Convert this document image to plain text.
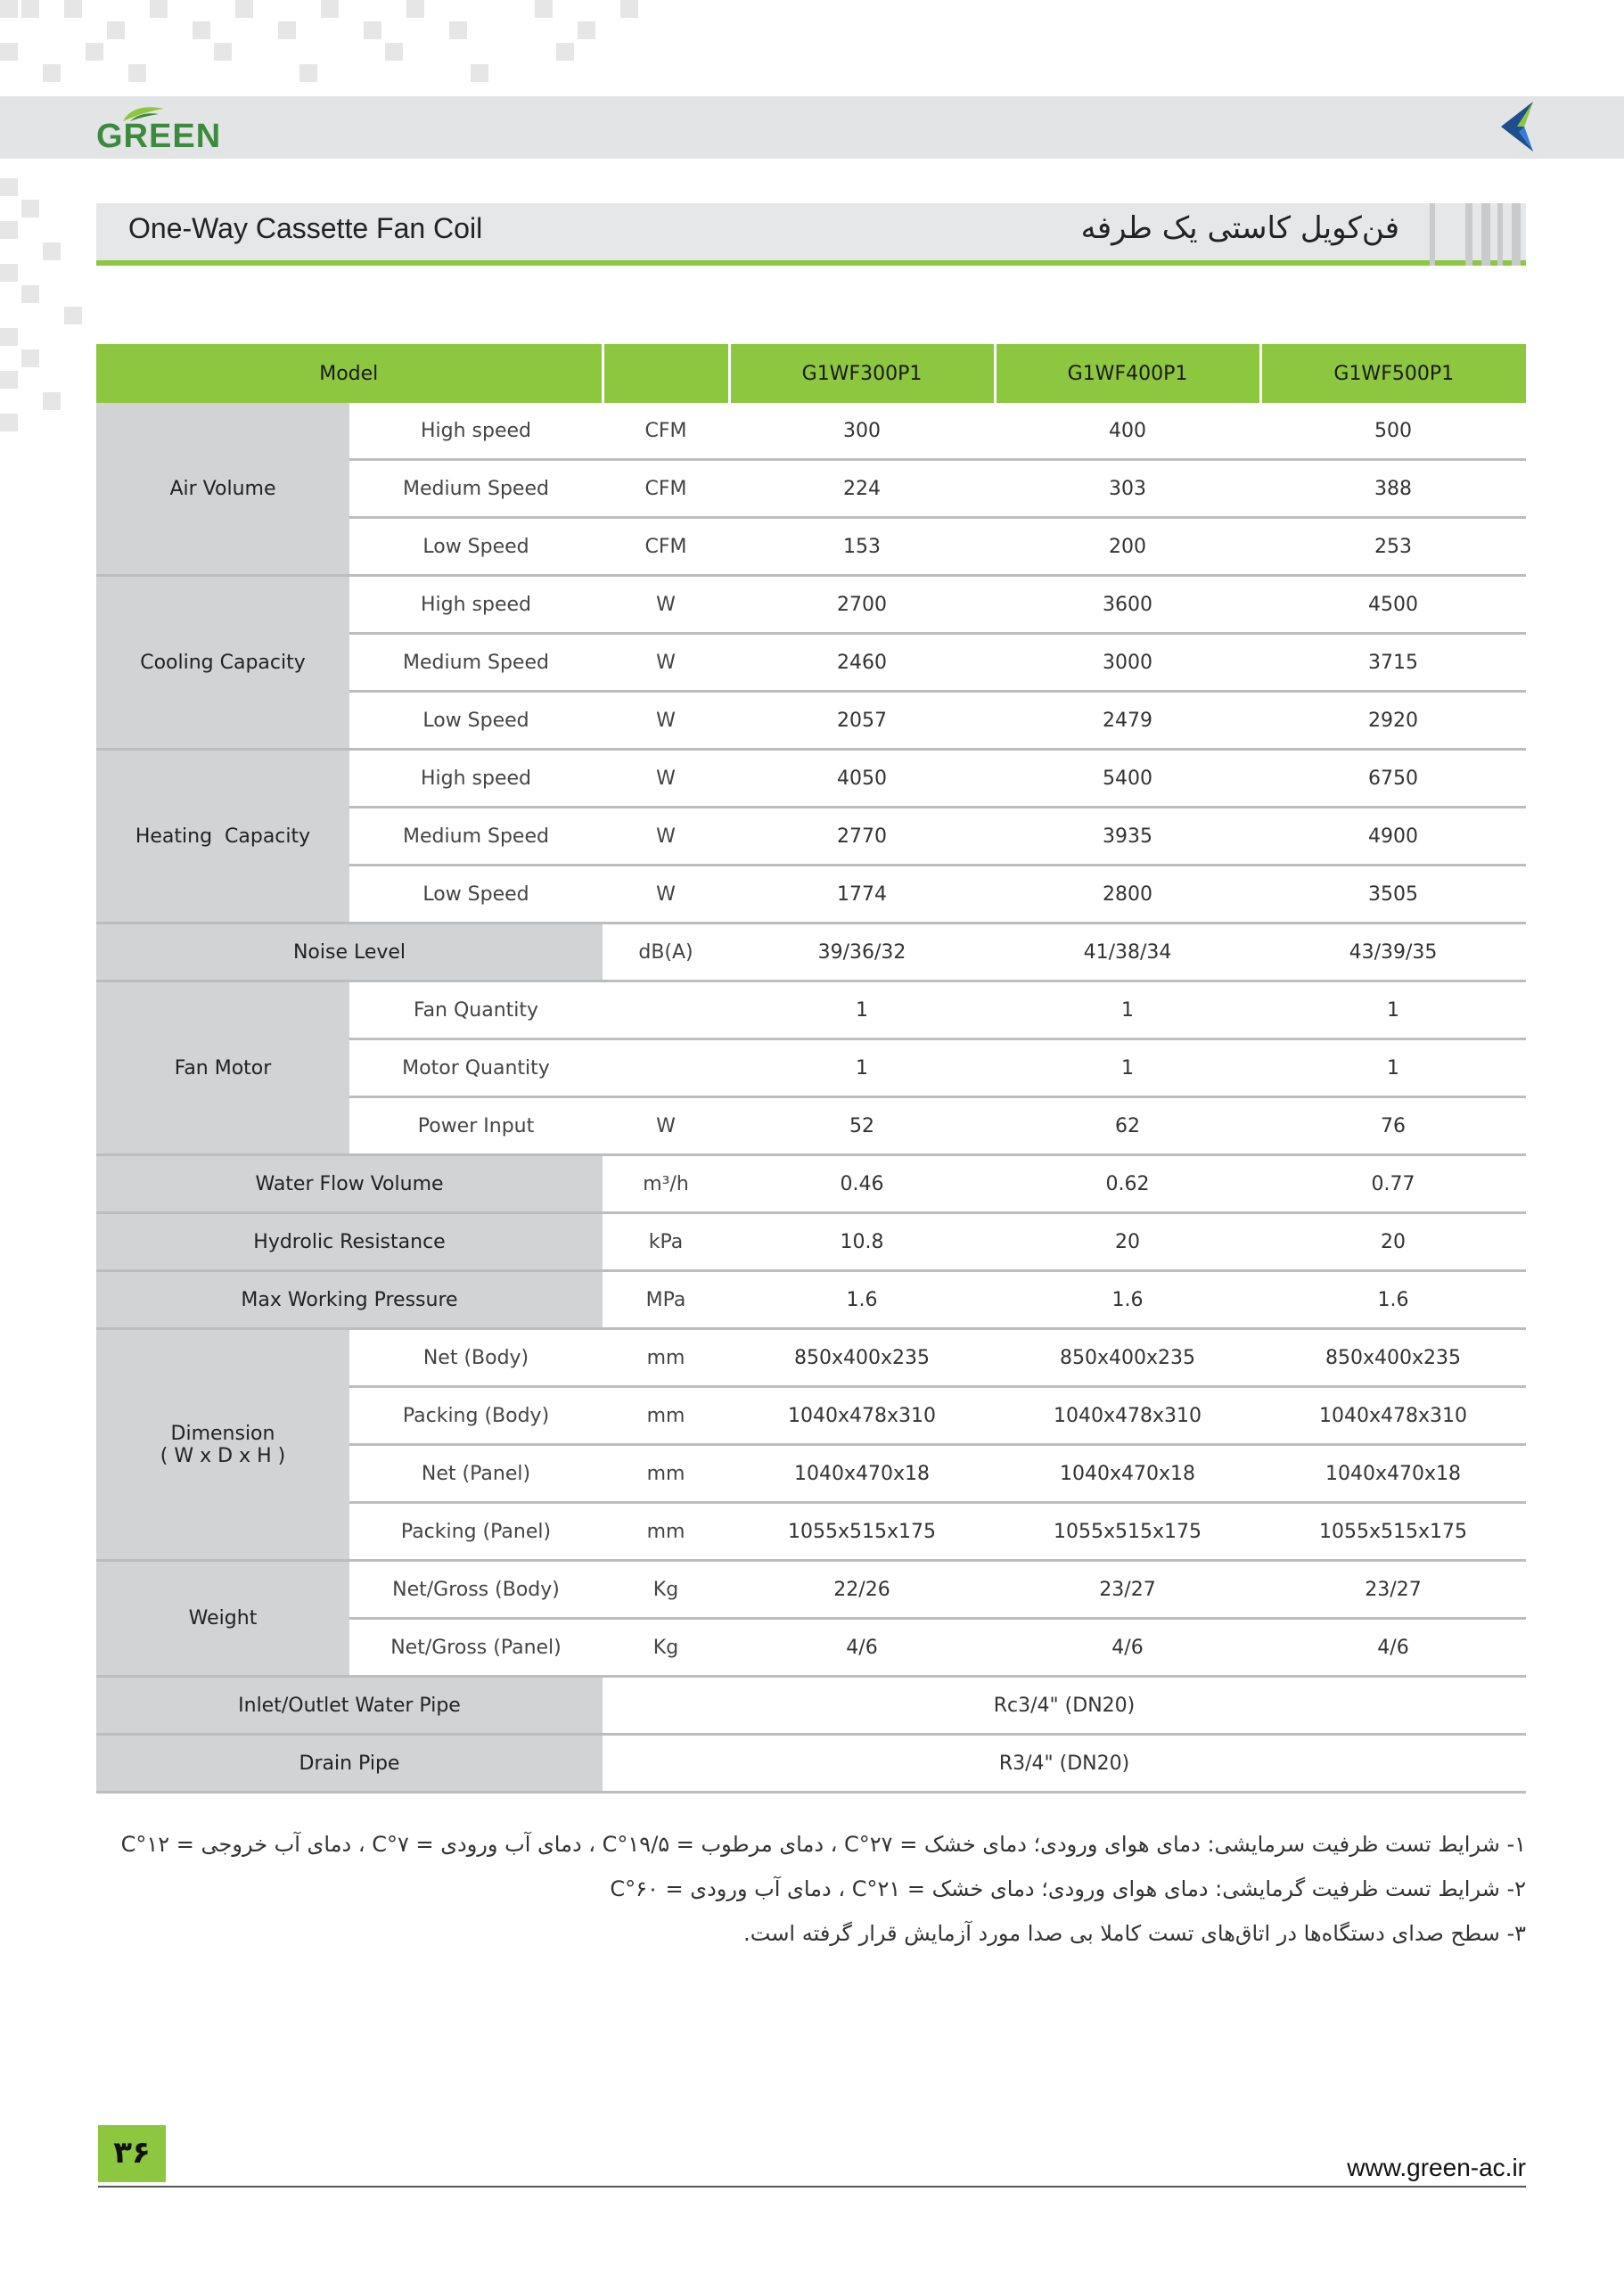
GREEN
One-Way Cassette Fan Coil	فن‌کویل کاستی یک طرفه
Model			G1WF300P1	G1WF400P1	G1WF500P1
Air Volume	High speed	CFM	300	400	500
	Medium Speed	CFM	224	303	388
	Low Speed	CFM	153	200	253
Cooling Capacity	High speed	W	2700	3600	4500
	Medium Speed	W	2460	3000	3715
	Low Speed	W	2057	2479	2920
Heating  Capacity	High speed	W	4050	5400	6750
	Medium Speed	W	2770	3935	4900
	Low Speed	W	1774	2800	3505
Noise Level		dB(A)	39/36/32	41/38/34	43/39/35
Fan Motor	Fan Quantity		1	1	1
	Motor Quantity		1	1	1
	Power Input	W	52	62	76
Water Flow Volume		m³/h	0.46	0.62	0.77
Hydrolic Resistance		kPa	10.8	20	20
Max Working Pressure		MPa	1.6	1.6	1.6

Dimension
( W x D x H )	Net (Body)	mm	850x400x235	850x400x235	850x400x235
	Packing (Body)	mm	1040x478x310	1040x478x310	1040x478x310
	Net (Panel)	mm	1040x470x18	1040x470x18	1040x470x18
	Packing (Panel)	mm	1055x515x175	1055x515x175	1055x515x175
Weight	Net/Gross (Body)	Kg	22/26	23/27	23/27
	Net/Gross (Panel)	Kg	4/6	4/6	4/6
Inlet/Outlet Water Pipe		Rc3/4" (DN20)			
Drain Pipe		R3/4" (DN20)			
۱- شرایط تست ظرفیت سرمایشی: دمای هوای ورودی؛ دمای خشک = ۲۷°C ، دمای مرطوب = ۱۹/۵°C ، دمای آب ورودی = ۷°C ، دمای آب خروجی = ۱۲°C
۲- شرایط تست ظرفیت گرمایشی: دمای هوای ورودی؛ دمای خشک = ۲۱°C ، دمای آب ورودی = ۶۰°C
۳- سطح صدای دستگاه‌ها در اتاق‌های تست کاملا بی صدا مورد آزمایش قرار گرفته است.
۳۶	www.green-ac.ir
